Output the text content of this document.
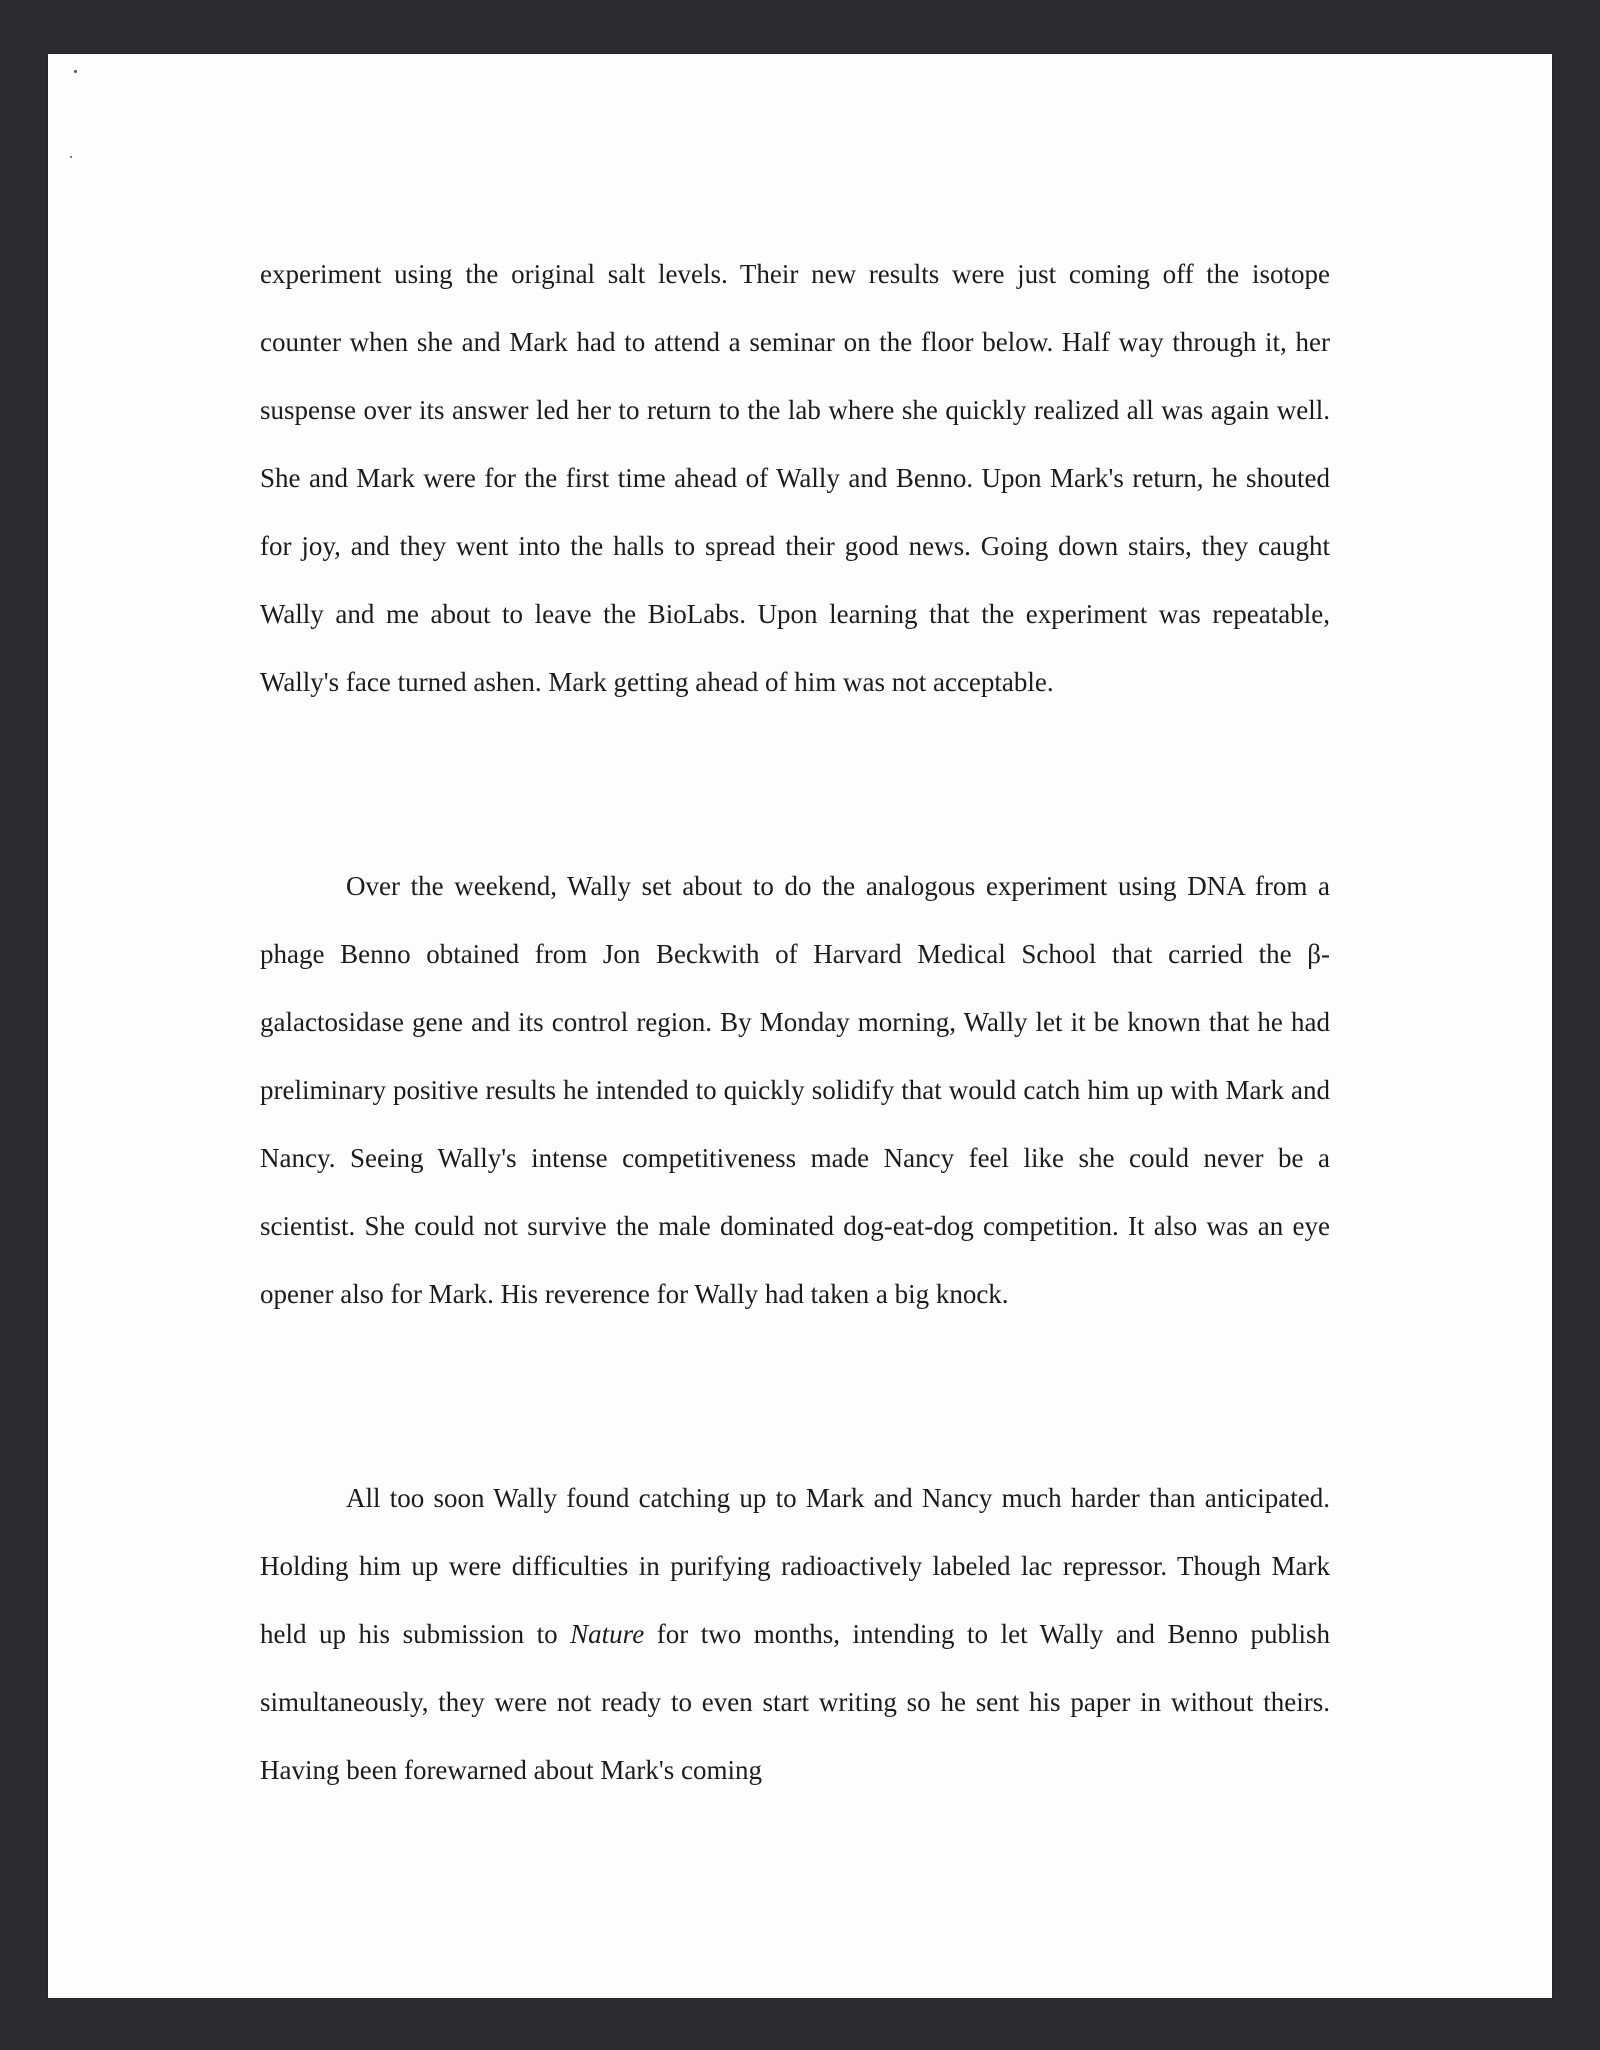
experiment using the original salt levels. Their new results were just coming off the isotope counter when she and Mark had to attend a seminar on the floor below. Half way through it, her suspense over its answer led her to return to the lab where she quickly realized all was again well. She and Mark were for the first time ahead of Wally and Benno. Upon Mark's return, he shouted for joy, and they went into the halls to spread their good news. Going down stairs, they caught Wally and me about to leave the BioLabs. Upon learning that the experiment was repeatable, Wally's face turned ashen. Mark getting ahead of him was not acceptable.

Over the weekend, Wally set about to do the analogous experiment using DNA from a phage Benno obtained from Jon Beckwith of Harvard Medical School that carried the β-galactosidase gene and its control region. By Monday morning, Wally let it be known that he had preliminary positive results he intended to quickly solidify that would catch him up with Mark and Nancy. Seeing Wally's intense competitiveness made Nancy feel like she could never be a scientist. She could not survive the male dominated dog-eat-dog competition. It also was an eye opener also for Mark. His reverence for Wally had taken a big knock.

All too soon Wally found catching up to Mark and Nancy much harder than anticipated. Holding him up were difficulties in purifying radioactively labeled lac repressor. Though Mark held up his submission to Nature for two months, intending to let Wally and Benno publish simultaneously, they were not ready to even start writing so he sent his paper in without theirs. Having been forewarned about Mark's coming
